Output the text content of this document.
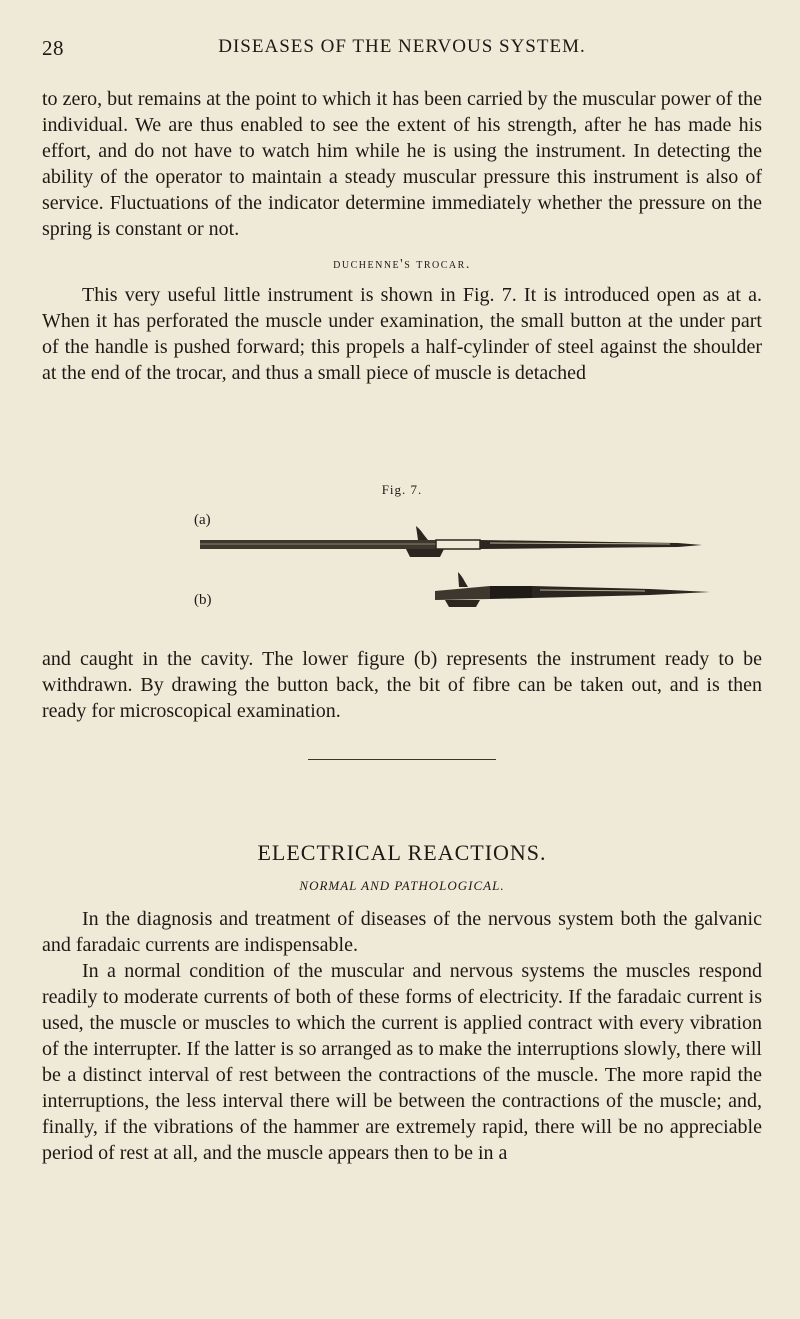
28	DISEASES OF THE NERVOUS SYSTEM.

to zero, but remains at the point to which it has been carried by the muscular power of the individual. We are thus enabled to see the extent of his strength, after he has made his effort, and do not have to watch him while he is using the instrument. In detecting the ability of the operator to maintain a steady muscular pressure this instrument is also of service. Fluctuations of the indicator determine immediately whether the pressure on the spring is constant or not.

duchenne's trocar.

This very useful little instrument is shown in Fig. 7. It is introduced open as at a. When it has perforated the muscle under examination, the small button at the under part of the handle is pushed forward; this propels a half-cylinder of steel against the shoulder at the end of the trocar, and thus a small piece of muscle is detached

Fig. 7.
(a)
(b)

and caught in the cavity. The lower figure (b) represents the instrument ready to be withdrawn. By drawing the button back, the bit of fibre can be taken out, and is then ready for microscopical examination.

ELECTRICAL REACTIONS.
NORMAL AND PATHOLOGICAL.

In the diagnosis and treatment of diseases of the nervous system both the galvanic and faradaic currents are indispensable.

In a normal condition of the muscular and nervous systems the muscles respond readily to moderate currents of both of these forms of electricity. If the faradaic current is used, the muscle or muscles to which the current is applied contract with every vibration of the interrupter. If the latter is so arranged as to make the interruptions slowly, there will be a distinct interval of rest between the contractions of the muscle. The more rapid the interruptions, the less interval there will be between the contractions of the muscle; and, finally, if the vibrations of the hammer are extremely rapid, there will be no appreciable period of rest at all, and the muscle appears then to be in a
